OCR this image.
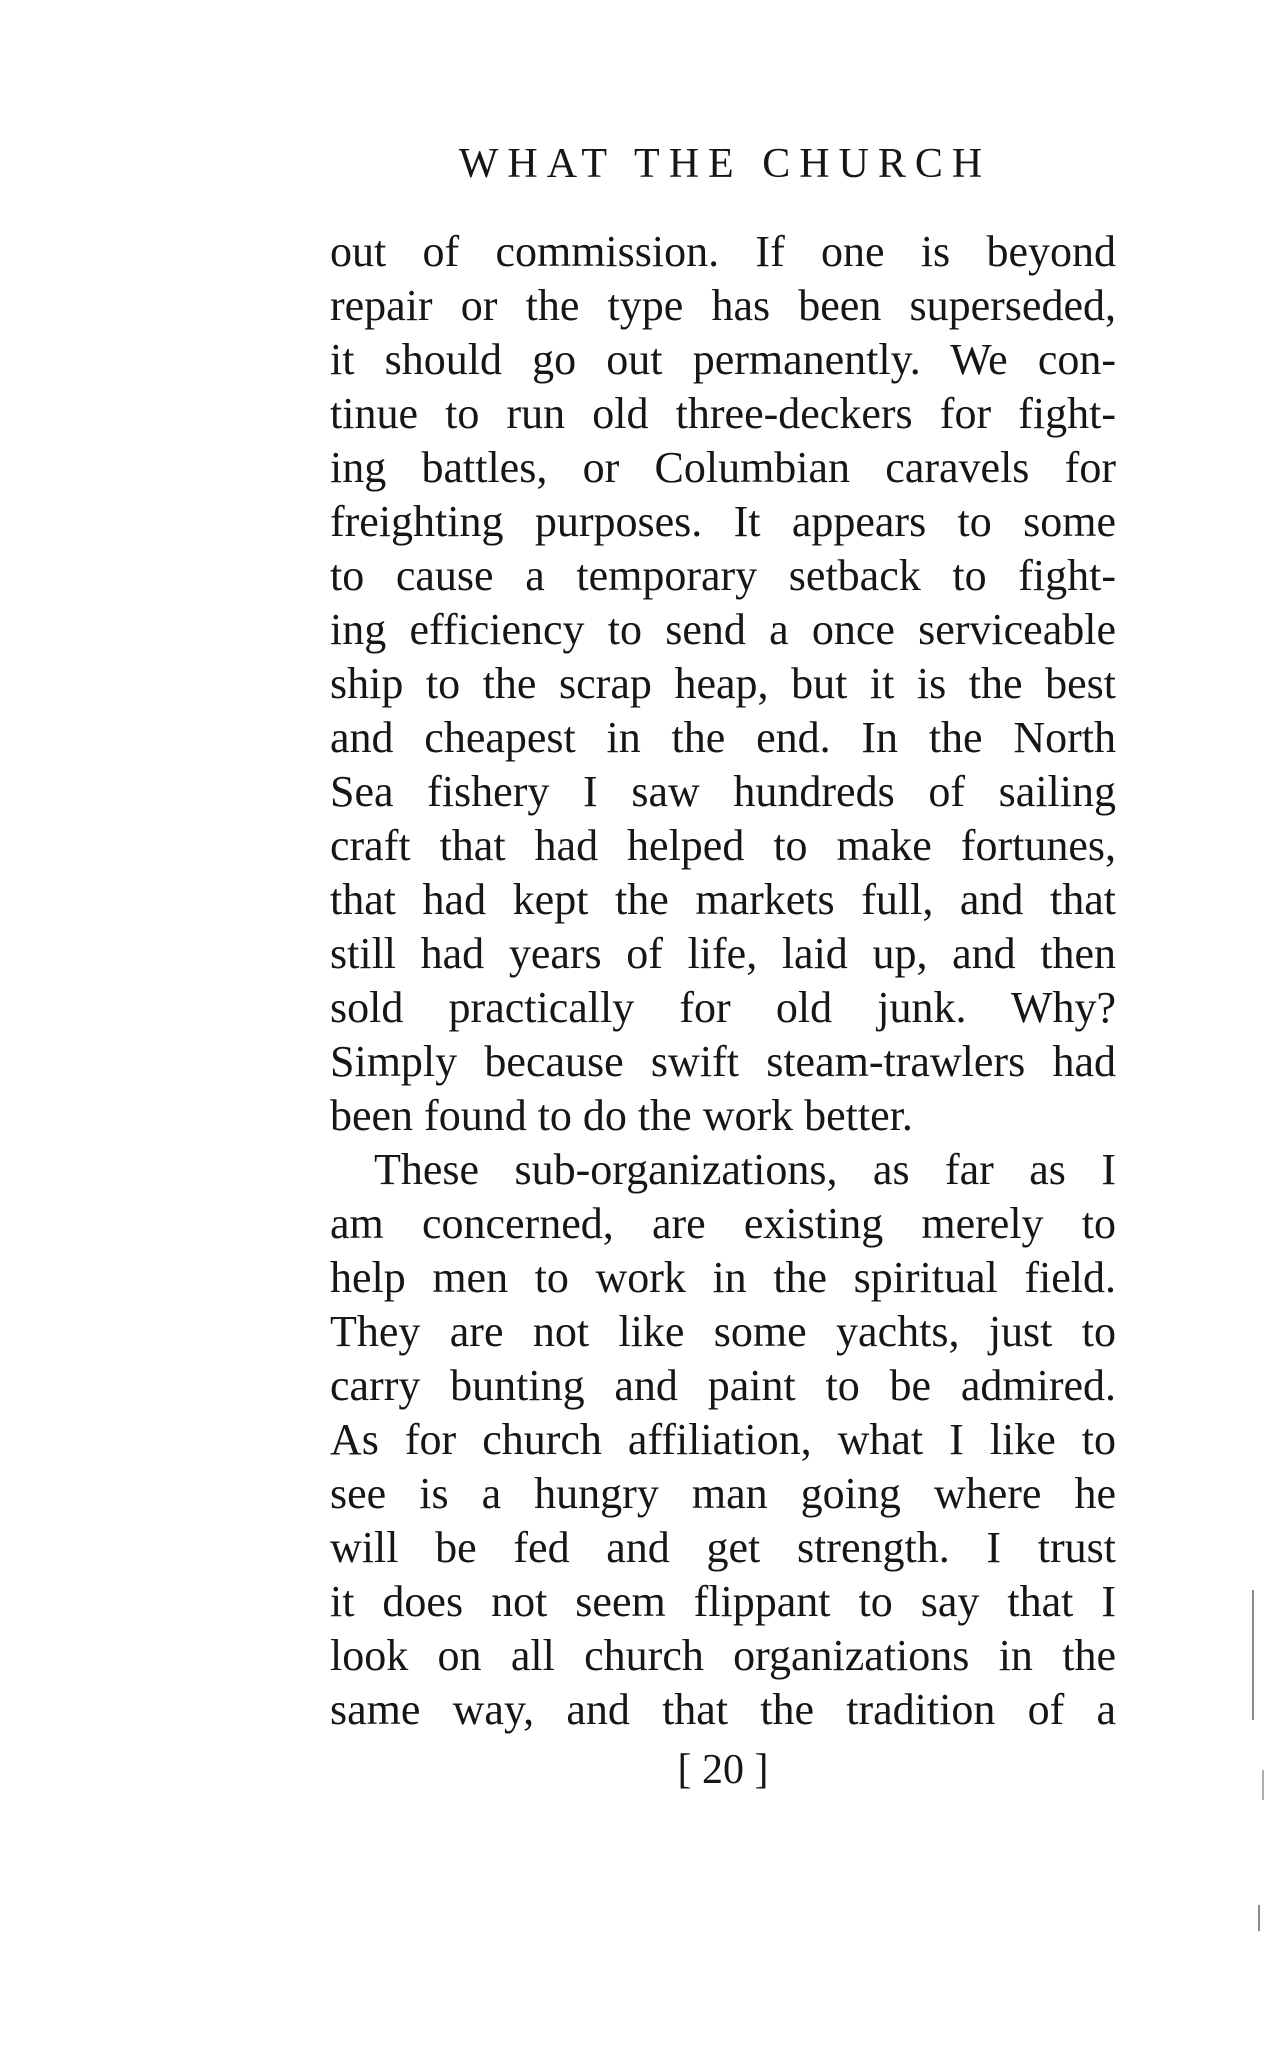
WHAT THE CHURCH
out of commission. If one is beyond
repair or the type has been superseded,
it should go out permanently. We con-
tinue to run old three-deckers for fight-
ing battles, or Columbian caravels for
freighting purposes. It appears to some
to cause a temporary setback to fight-
ing efficiency to send a once serviceable
ship to the scrap heap, but it is the best
and cheapest in the end. In the North
Sea fishery I saw hundreds of sailing
craft that had helped to make fortunes,
that had kept the markets full, and that
still had years of life, laid up, and then
sold practically for old junk. Why?
Simply because swift steam-trawlers had
been found to do the work better.
These sub-organizations, as far as I
am concerned, are existing merely to
help men to work in the spiritual field.
They are not like some yachts, just to
carry bunting and paint to be admired.
As for church affiliation, what I like to
see is a hungry man going where he
will be fed and get strength. I trust
it does not seem flippant to say that I
look on all church organizations in the
same way, and that the tradition of a
[ 20 ]
